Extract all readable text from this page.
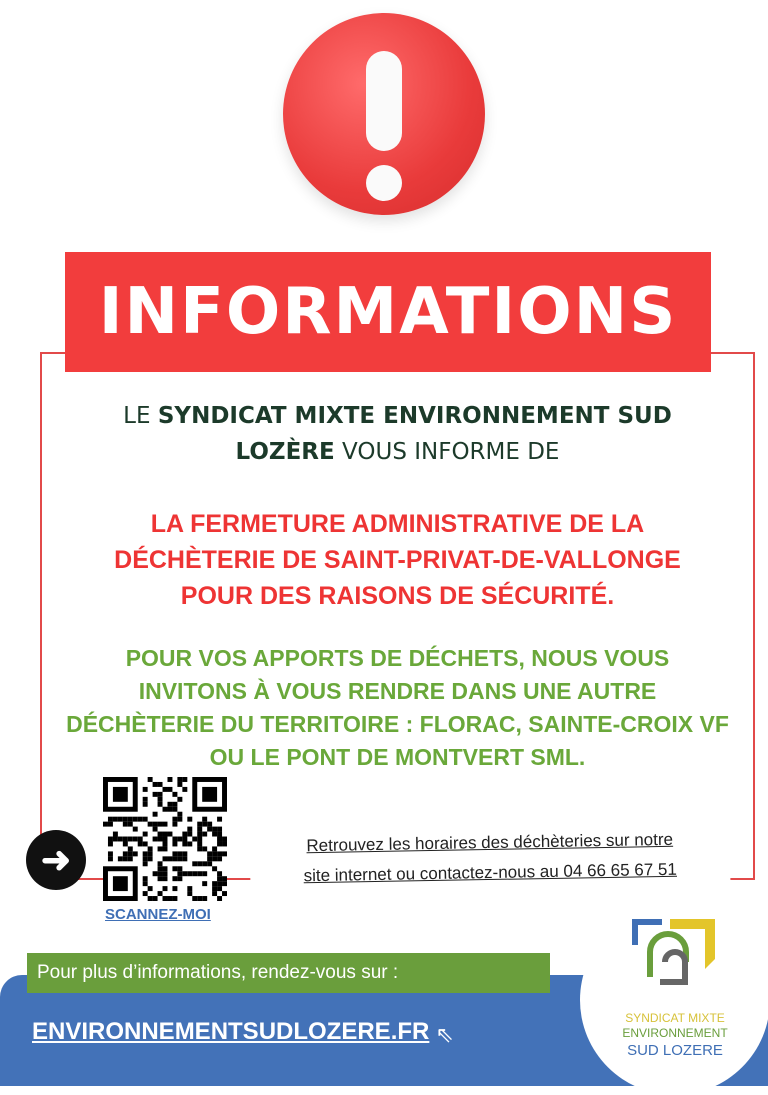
INFORMATIONS
LE SYNDICAT MIXTE ENVIRONNEMENT SUD LOZÈRE VOUS INFORME DE
LA FERMETURE ADMINISTRATIVE DE LA
DÉCHÈTERIE DE SAINT-PRIVAT-DE-VALLONGE
POUR DES RAISONS DE SÉCURITÉ.
POUR VOS APPORTS DE DÉCHETS, NOUS VOUS
INVITONS À VOUS RENDRE DANS UNE AUTRE
DÉCHÈTERIE DU TERRITOIRE : FLORAC, SAINTE-CROIX VF
OU LE PONT DE MONTVERT SML.
➜
SCANNEZ-MOI
Retrouvez les horaires des déchèteries sur notre
site internet ou contactez-nous au 04 66 65 67 51
Pour plus d’informations, rendez-vous sur :
ENVIRONNEMENTSUDLOZERE.FR ⇖
SYNDICAT MIXTE
ENVIRONNEMENT
SUD LOZERE
